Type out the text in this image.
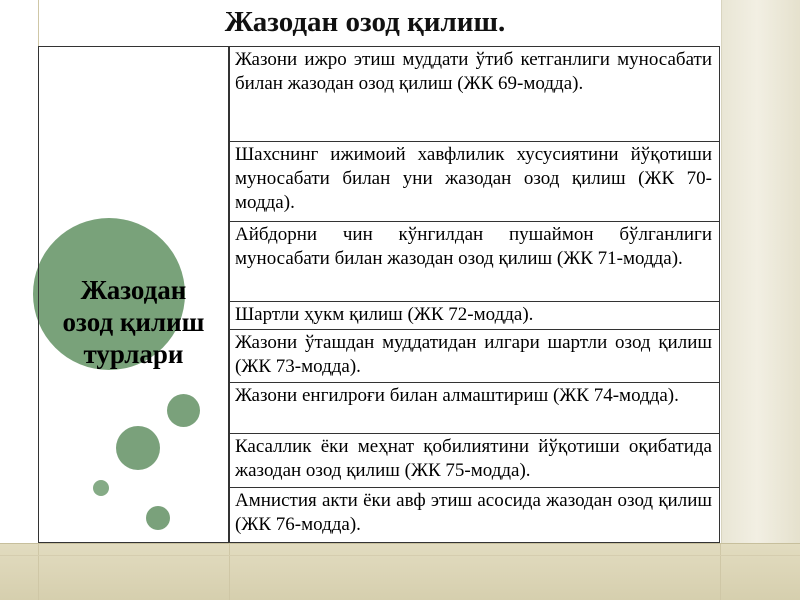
Жазодан озод қилиш.
Жазодан
озод қилиш
турлари
Жазони ижро этиш муддати ўтиб кетганлиги муносабати билан жазодан озод қилиш (ЖК 69-модда).
Шахснинг ижимоий хавфлилик хусусиятини йўқотиши муносабати билан уни жазодан озод қилиш (ЖК 70-модда).
Айбдорни чин кўнгилдан пушаймон бўлганлиги муносабати билан жазодан озод қилиш (ЖК 71-модда).
Шартли ҳукм қилиш (ЖК 72-модда).
Жазони ўташдан муддатидан илгари шартли озод қилиш (ЖК 73-модда).
Жазони енгилроғи билан алмаштириш (ЖК 74-модда).
Касаллик ёки меҳнат қобилиятини йўқотиши оқибатида жазодан озод қилиш (ЖК 75-модда).
Амнистия акти ёки авф этиш асосида жазодан озод қилиш (ЖК 76-модда).
